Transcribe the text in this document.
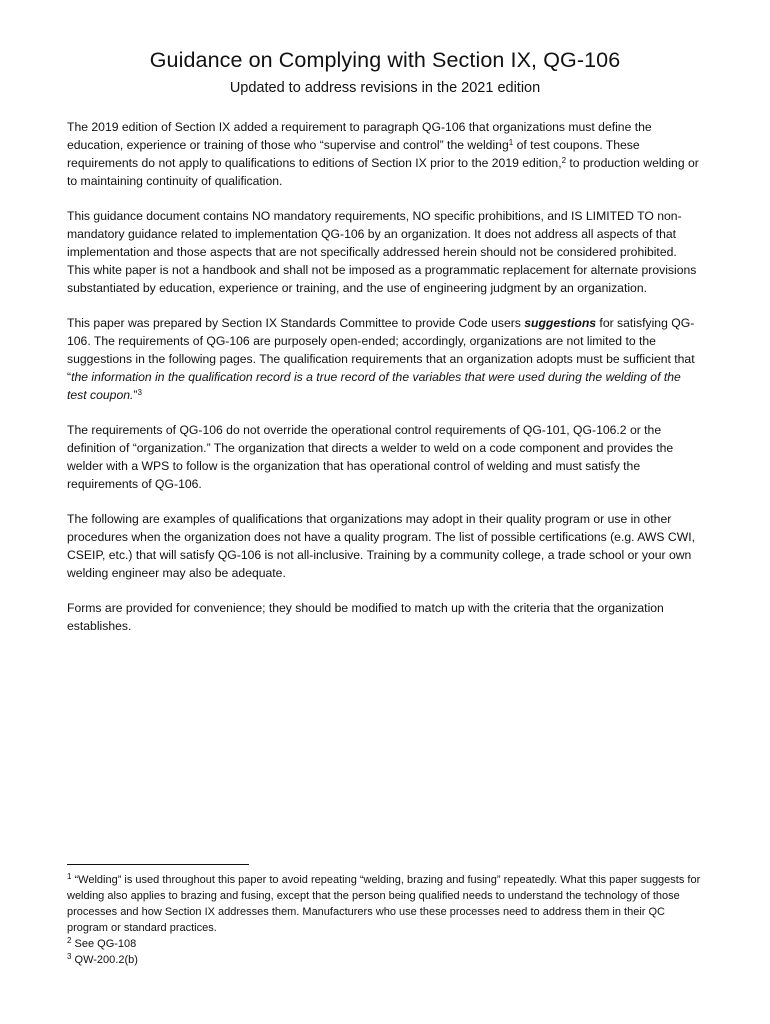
Guidance on Complying with Section IX, QG-106
Updated to address revisions in the 2021 edition

The 2019 edition of Section IX added a requirement to paragraph QG-106 that organizations must define the education, experience or training of those who “supervise and control” the welding$^1$ of test coupons. These requirements do not apply to qualifications to editions of Section IX prior to the 2019 edition,$^2$ to production welding or to maintaining continuity of qualification.

This guidance document contains NO mandatory requirements, NO specific prohibitions, and IS LIMITED TO non-mandatory guidance related to implementation QG-106 by an organization. It does not address all aspects of that implementation and those aspects that are not specifically addressed herein should not be considered prohibited. This white paper is not a handbook and shall not be imposed as a programmatic replacement for alternate provisions substantiated by education, experience or training, and the use of engineering judgment by an organization.

This paper was prepared by Section IX Standards Committee to provide Code users suggestions for satisfying QG-106. The requirements of QG-106 are purposely open-ended; accordingly, organizations are not limited to the suggestions in the following pages. The qualification requirements that an organization adopts must be sufficient that “the information in the qualification record is a true record of the variables that were used during the welding of the test coupon.”$^3$

The requirements of QG-106 do not override the operational control requirements of QG-101, QG-106.2 or the definition of “organization.” The organization that directs a welder to weld on a code component and provides the welder with a WPS to follow is the organization that has operational control of welding and must satisfy the requirements of QG-106.

The following are examples of qualifications that organizations may adopt in their quality program or use in other procedures when the organization does not have a quality program. The list of possible certifications (e.g. AWS CWI, CSEIP, etc.) that will satisfy QG-106 is not all-inclusive. Training by a community college, a trade school or your own welding engineer may also be adequate.

Forms are provided for convenience; they should be modified to match up with the criteria that the organization establishes.

$^1$ “Welding” is used throughout this paper to avoid repeating “welding, brazing and fusing” repeatedly. What this paper suggests for welding also applies to brazing and fusing, except that the person being qualified needs to understand the technology of those processes and how Section IX addresses them. Manufacturers who use these processes need to address them in their QC program or standard practices.

$^2$ See QG-108

$^3$ QW-200.2(b)
